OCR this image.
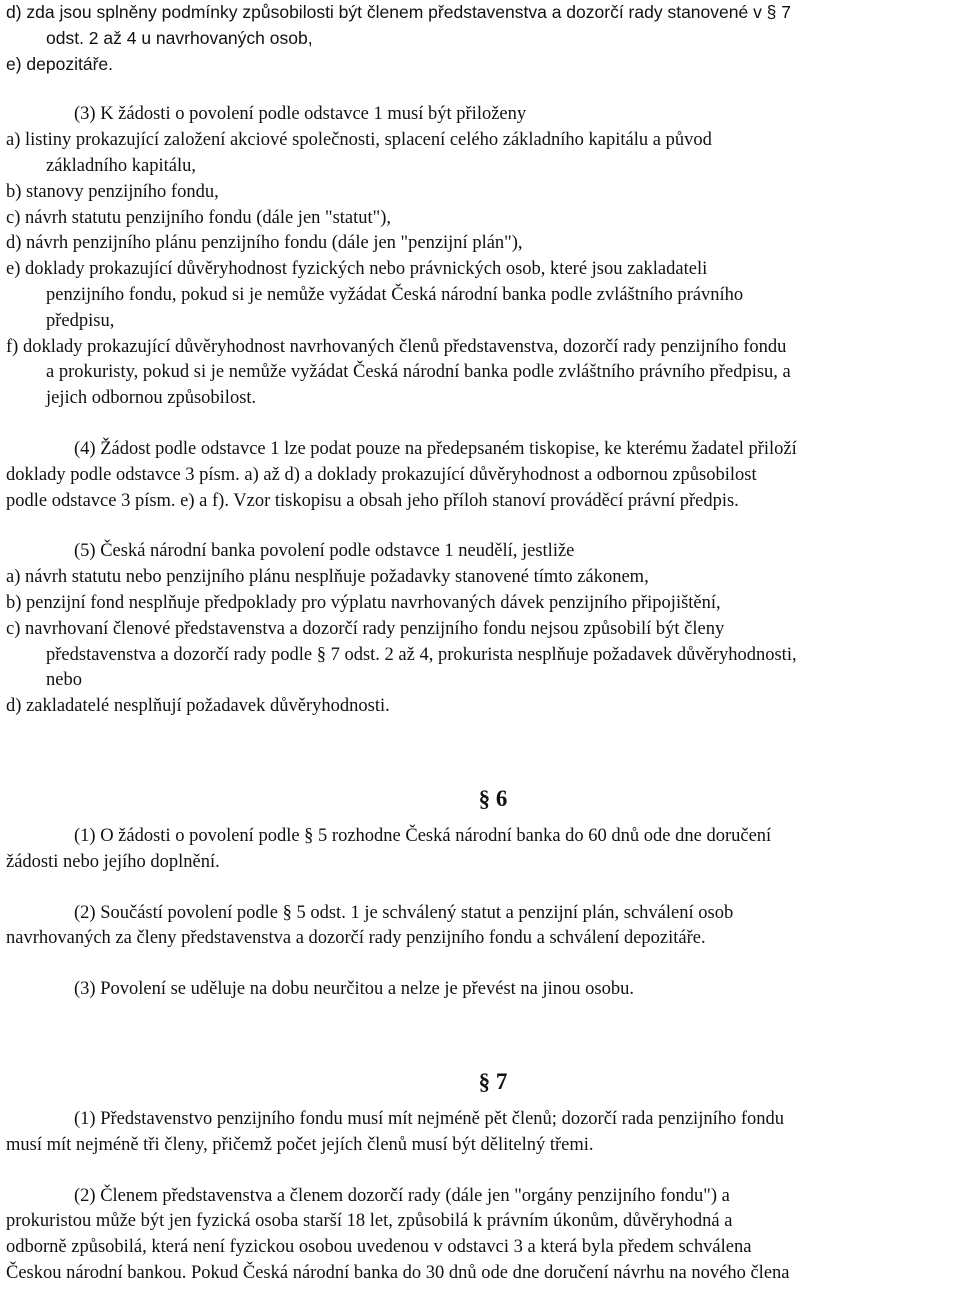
d) zda jsou splněny podmínky způsobilosti být členem představenstva a dozorčí rady stanovené v § 7
odst. 2 až 4 u navrhovaných osob,
e) depozitáře.
(3) K žádosti o povolení podle odstavce 1 musí být přiloženy
a) listiny prokazující založení akciové společnosti, splacení celého základního kapitálu a původ
základního kapitálu,
b) stanovy penzijního fondu,
c) návrh statutu penzijního fondu (dále jen "statut"),
d) návrh penzijního plánu penzijního fondu (dále jen "penzijní plán"),
e) doklady prokazující důvěryhodnost fyzických nebo právnických osob, které jsou zakladateli
penzijního fondu, pokud si je nemůže vyžádat Česká národní banka podle zvláštního právního
předpisu,
f) doklady prokazující důvěryhodnost navrhovaných členů představenstva, dozorčí rady penzijního fondu
a prokuristy, pokud si je nemůže vyžádat Česká národní banka podle zvláštního právního předpisu, a
jejich odbornou způsobilost.
(4) Žádost podle odstavce 1 lze podat pouze na předepsaném tiskopise, ke kterému žadatel přiloží
doklady podle odstavce 3 písm. a) až d) a doklady prokazující důvěryhodnost a odbornou způsobilost
podle odstavce 3 písm. e) a f). Vzor tiskopisu a obsah jeho příloh stanoví prováděcí právní předpis.
(5) Česká národní banka povolení podle odstavce 1 neudělí, jestliže
a) návrh statutu nebo penzijního plánu nesplňuje požadavky stanovené tímto zákonem,
b) penzijní fond nesplňuje předpoklady pro výplatu navrhovaných dávek penzijního připojištění,
c) navrhovaní členové představenstva a dozorčí rady penzijního fondu nejsou způsobilí být členy
představenstva a dozorčí rady podle § 7 odst. 2 až 4, prokurista nesplňuje požadavek důvěryhodnosti,
nebo
d) zakladatelé nesplňují požadavek důvěryhodnosti.
§ 6
(1) O žádosti o povolení podle § 5 rozhodne Česká národní banka do 60 dnů ode dne doručení
žádosti nebo jejího doplnění.
(2) Součástí povolení podle § 5 odst. 1 je schválený statut a penzijní plán, schválení osob
navrhovaných za členy představenstva a dozorčí rady penzijního fondu a schválení depozitáře.
(3) Povolení se uděluje na dobu neurčitou a nelze je převést na jinou osobu.
§ 7
(1) Představenstvo penzijního fondu musí mít nejméně pět členů; dozorčí rada penzijního fondu
musí mít nejméně tři členy, přičemž počet jejích členů musí být dělitelný třemi.
(2) Členem představenstva a členem dozorčí rady (dále jen "orgány penzijního fondu") a
prokuristou může být jen fyzická osoba starší 18 let, způsobilá k právním úkonům, důvěryhodná a
odborně způsobilá, která není fyzickou osobou uvedenou v odstavci 3 a která byla předem schválena
Českou národní bankou. Pokud Česká národní banka do 30 dnů ode dne doručení návrhu na nového člena
